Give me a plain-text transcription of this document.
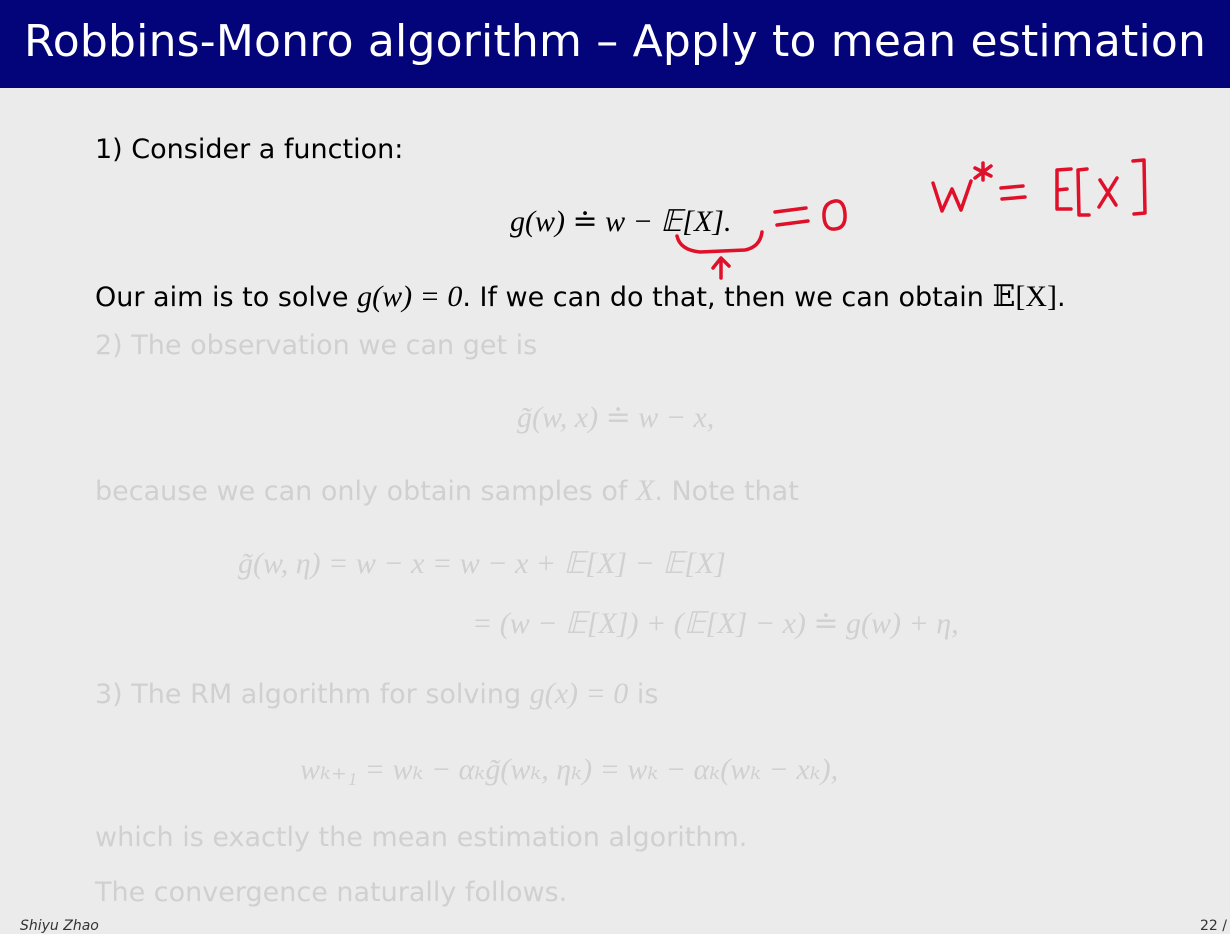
Robbins-Monro algorithm – Apply to mean estimation
1) Consider a function:
g(w) ≐ w − 𝔼[X].
Our aim is to solve g(w) = 0. If we can do that, then we can obtain 𝔼[X].
2) The observation we can get is
g̃(w, x) ≐ w − x,
because we can only obtain samples of X. Note that
g̃(w, η) = w − x = w − x + 𝔼[X] − 𝔼[X]
= (w − 𝔼[X]) + (𝔼[X] − x) ≐ g(w) + η,
3) The RM algorithm for solving g(x) = 0 is
wₖ₊₁ = wₖ − αₖg̃(wₖ, ηₖ) = wₖ − αₖ(wₖ − xₖ),
which is exactly the mean estimation algorithm.
The convergence naturally follows.
Shiyu Zhao	22 /
